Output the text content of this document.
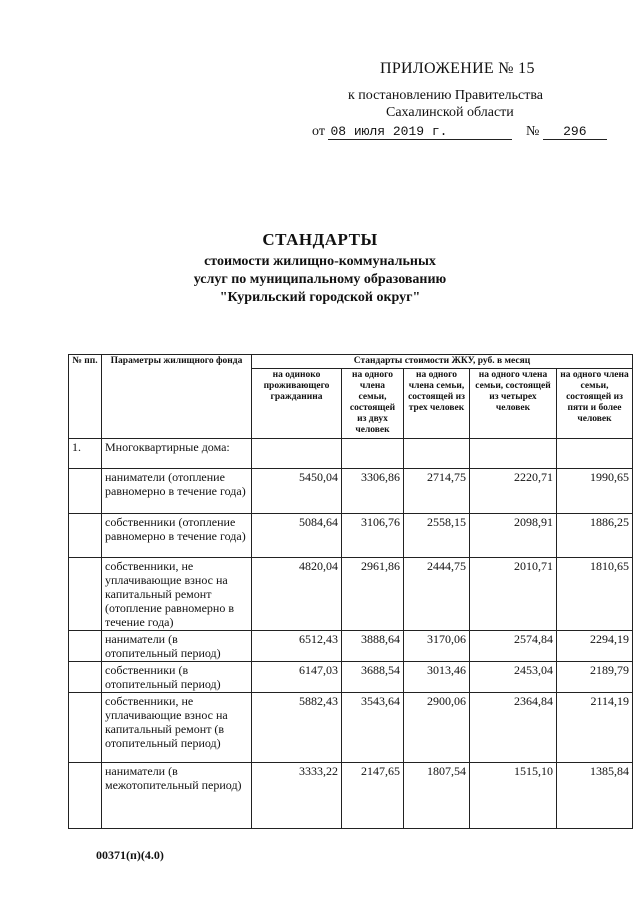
ПРИЛОЖЕНИЕ № 15
к постановлению Правительства
Сахалинской области
от 08 июля 2019 г.	№ 296
СТАНДАРТЫ
стоимости жилищно-коммунальных
услуг по муниципальному образованию
"Курильский городской округ"
№ пп.	Параметры жилищного фонда	Стандарты стоимости ЖКУ, руб. в месяц				
		на одиноко проживающего гражданина	на одного члена семьи, состоящей из двух человек	на одного члена семьи, состоящей из трех человек	на одного члена семьи, состоящей из четырех человек	на одного члена семьи, состоящей из пяти и более человек
1.	Многоквартирные дома:					
	наниматели (отопление равномерно в течение года)	5450,04	3306,86	2714,75	2220,71	1990,65
	собственники (отопление равномерно в течение года)	5084,64	3106,76	2558,15	2098,91	1886,25
	собственники, не уплачивающие взнос на капитальный ремонт (отопление равномерно в течение года)	4820,04	2961,86	2444,75	2010,71	1810,65
	наниматели (в отопительный период)	6512,43	3888,64	3170,06	2574,84	2294,19
	собственники (в отопительный период)	6147,03	3688,54	3013,46	2453,04	2189,79
	собственники, не уплачивающие взнос на капитальный ремонт (в отопительный период)	5882,43	3543,64	2900,06	2364,84	2114,19
	наниматели (в межотопительный период)	3333,22	2147,65	1807,54	1515,10	1385,84
00371(п)(4.0)
